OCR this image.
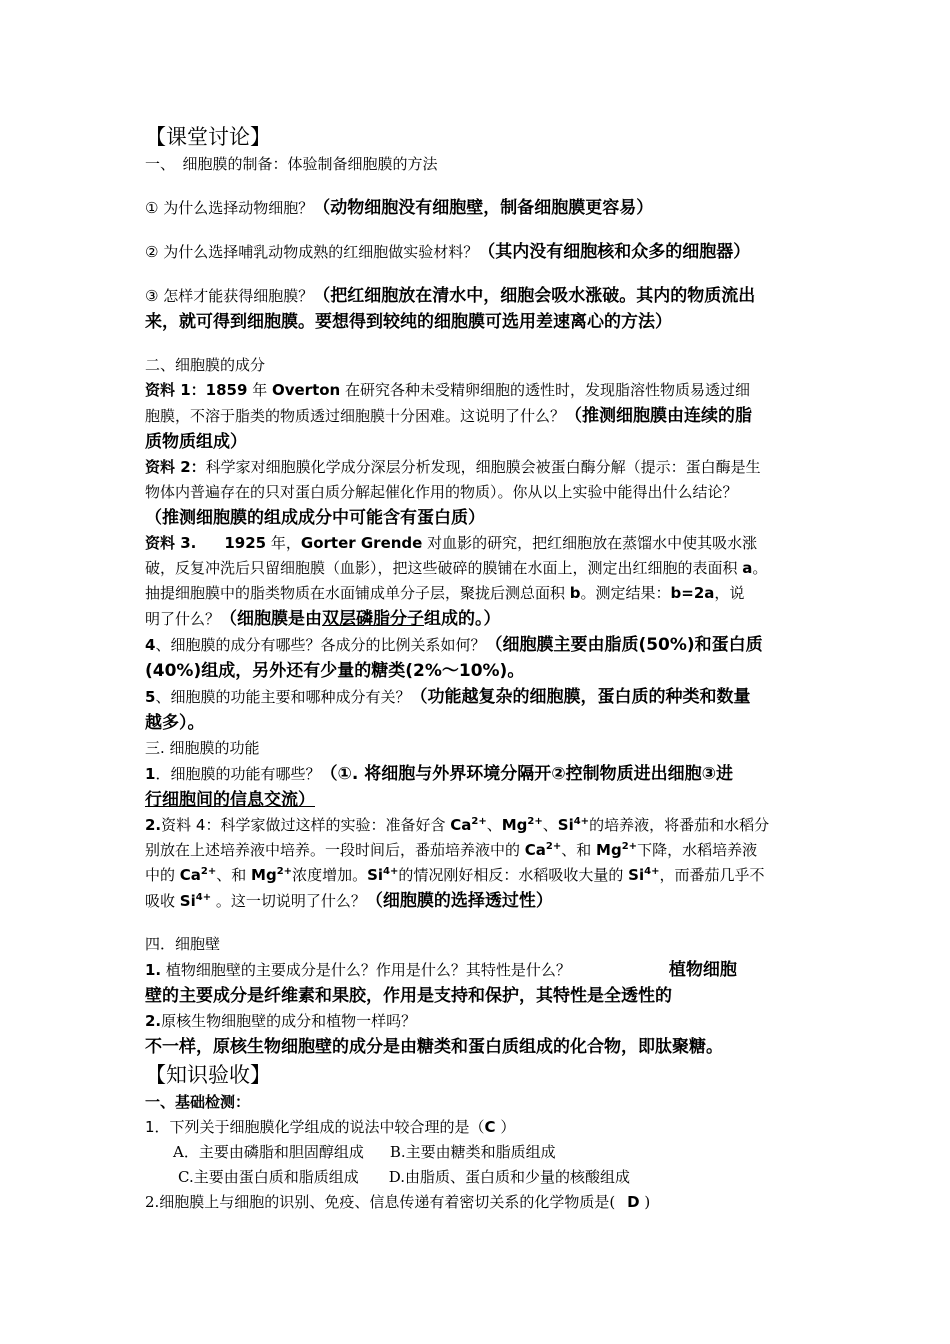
【课堂讨论】
一、　细胞膜的制备：体验制备细胞膜的方法
① 为什么选择动物细胞？（动物细胞没有细胞壁，制备细胞膜更容易）
② 为什么选择哺乳动物成熟的红细胞做实验材料？（其内没有细胞核和众多的细胞器）
③ 怎样才能获得细胞膜？（把红细胞放在清水中，细胞会吸水涨破。其内的物质流出
来，就可得到细胞膜。要想得到较纯的细胞膜可选用差速离心的方法）
二、细胞膜的成分
资料 1：1859 年 Overton 在研究各种未受精卵细胞的透性时，发现脂溶性物质易透过细
胞膜，不溶于脂类的物质透过细胞膜十分困难。这说明了什么？（推测细胞膜由连续的脂
质物质组成）
资料 2：科学家对细胞膜化学成分深层分析发现，细胞膜会被蛋白酶分解（提示：蛋白酶是生
物体内普遍存在的只对蛋白质分解起催化作用的物质）。你从以上实验中能得出什么结论？
（推测细胞膜的组成成分中可能含有蛋白质）
资料 3. 1925 年，Gorter Grende 对血影的研究，把红细胞放在蒸馏水中使其吸水涨
破，反复冲洗后只留细胞膜（血影），把这些破碎的膜铺在水面上，测定出红细胞的表面积 a。
抽提细胞膜中的脂类物质在水面铺成单分子层，聚拢后测总面积 b。测定结果：b=2a，说
明了什么？（细胞膜是由双层磷脂分子组成的。）
4、细胞膜的成分有哪些？各成分的比例关系如何？（细胞膜主要由脂质(50%)和蛋白质
(40%)组成，另外还有少量的糖类(2%～10%)。
5、细胞膜的功能主要和哪种成分有关？（功能越复杂的细胞膜，蛋白质的种类和数量
越多）。
三. 细胞膜的功能
1．细胞膜的功能有哪些？（①. 将细胞与外界环境分隔开②控制物质进出细胞③进
行细胞间的信息交流）
2.资料 4：科学家做过这样的实验：准备好含 $Ca^{2+}$、$Mg^{2+}$、$Si^{4+}$的培养液，将番茄和水稻分
别放在上述培养液中培养。一段时间后，番茄培养液中的 $Ca^{2+}$、和 $Mg^{2+}$下降，水稻培养液
中的 $Ca^{2+}$、和 $Mg^{2+}$浓度增加。$Si^{4+}$的情况刚好相反：水稻吸收大量的 $Si^{4+}$，而番茄几乎不
吸收 $Si^{4+}$ 。这一切说明了什么？（细胞膜的选择透过性）
四．细胞壁
1. 植物细胞壁的主要成分是什么？作用是什么？其特性是什么？	植物细胞
壁的主要成分是纤维素和果胶，作用是支持和保护，其特性是全透性的
2.原核生物细胞壁的成分和植物一样吗？
不一样，原核生物细胞壁的成分是由糖类和蛋白质组成的化合物，即肽聚糖。
【知识验收】
一、基础检测：
1．下列关于细胞膜化学组成的说法中较合理的是（C ）
A．主要由磷脂和胆固醇组成 B.主要由糖类和脂质组成
C.主要由蛋白质和脂质组成 D.由脂质、蛋白质和少量的核酸组成
2.细胞膜上与细胞的识别、免疫、信息传递有着密切关系的化学物质是( D )
